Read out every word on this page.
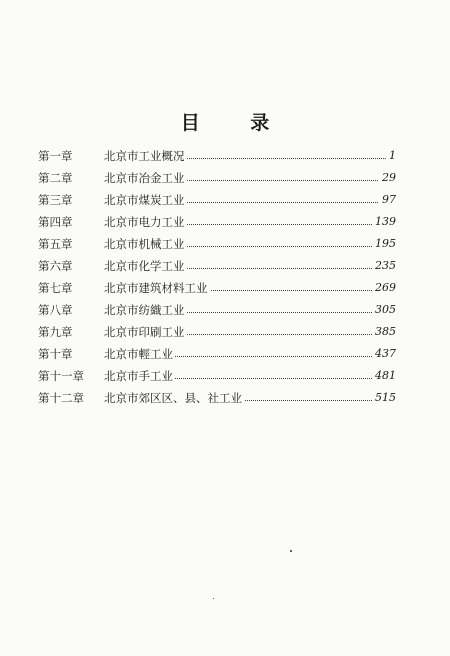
目 录
第一章	北京市工业概况	1
第二章	北京市冶金工业	29
第三章	北京市煤炭工业	97
第四章	北京市电力工业	139
第五章	北京市机械工业	195
第六章	北京市化学工业	235
第七章	北京市建筑材料工业	269
第八章	北京市纺織工业	305
第九章	北京市印刷工业	385
第十章	北京市輕工业	437
第十一章 北京市手工业	481
第十二章 北京市郊区区、县、社工业	515
